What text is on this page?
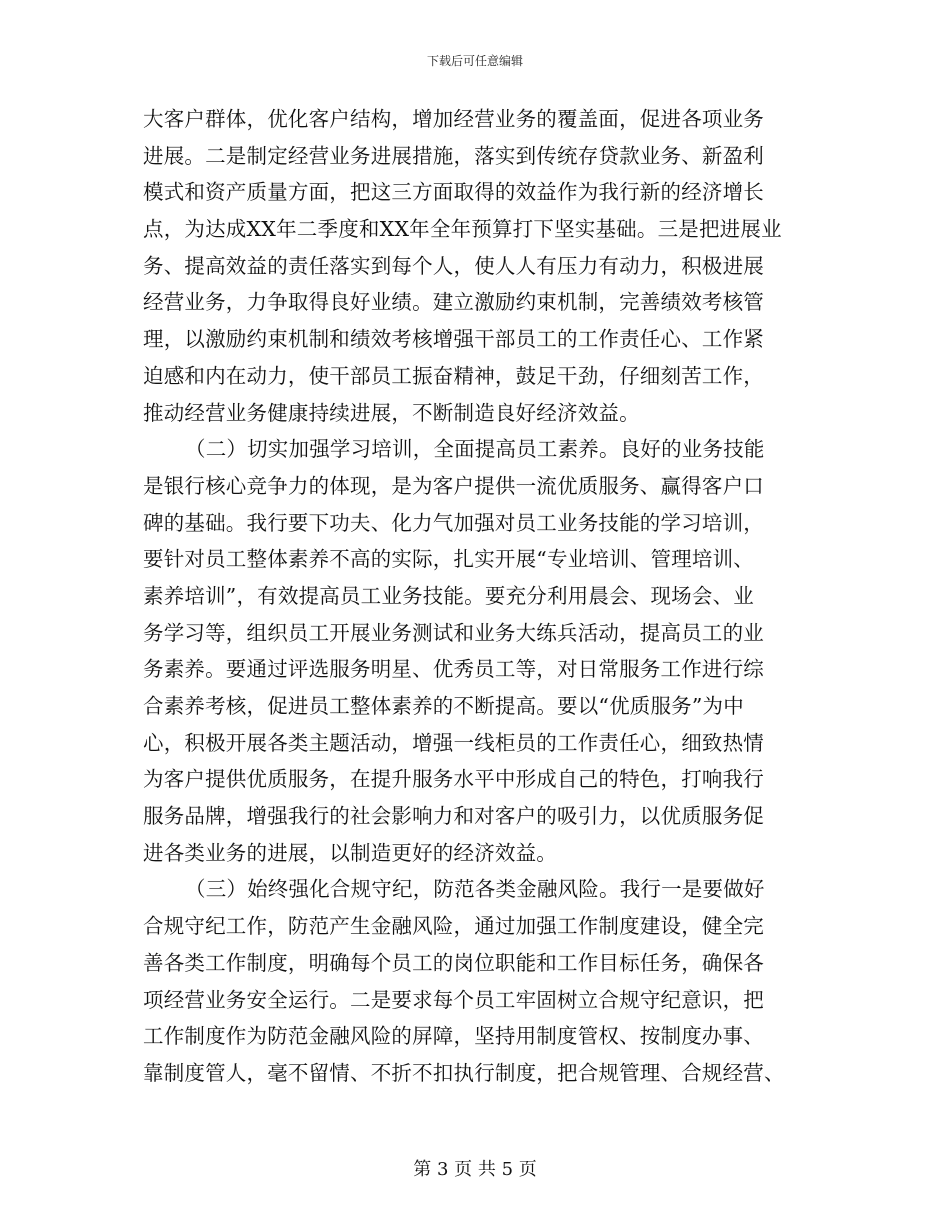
下载后可任意编辑
大客户群体，优化客户结构，增加经营业务的覆盖面，促进各项业务
进展。二是制定经营业务进展措施，落实到传统存贷款业务、新盈利
模式和资产质量方面，把这三方面取得的效益作为我行新的经济增长
点，为达成XX年二季度和XX年全年预算打下坚实基础。三是把进展业
务、提高效益的责任落实到每个人，使人人有压力有动力，积极进展
经营业务，力争取得良好业绩。建立激励约束机制，完善绩效考核管
理，以激励约束机制和绩效考核增强干部员工的工作责任心、工作紧
迫感和内在动力，使干部员工振奋精神，鼓足干劲，仔细刻苦工作，
推动经营业务健康持续进展，不断制造良好经济效益。
（二）切实加强学习培训，全面提高员工素养。良好的业务技能
是银行核心竞争力的体现，是为客户提供一流优质服务、赢得客户口
碑的基础。我行要下功夫、化力气加强对员工业务技能的学习培训，
要针对员工整体素养不高的实际，扎实开展“专业培训、管理培训、
素养培训”，有效提高员工业务技能。要充分利用晨会、现场会、业
务学习等，组织员工开展业务测试和业务大练兵活动，提高员工的业
务素养。要通过评选服务明星、优秀员工等，对日常服务工作进行综
合素养考核，促进员工整体素养的不断提高。要以“优质服务”为中
心，积极开展各类主题活动，增强一线柜员的工作责任心，细致热情
为客户提供优质服务，在提升服务水平中形成自己的特色，打响我行
服务品牌，增强我行的社会影响力和对客户的吸引力，以优质服务促
进各类业务的进展，以制造更好的经济效益。
（三）始终强化合规守纪，防范各类金融风险。我行一是要做好
合规守纪工作，防范产生金融风险，通过加强工作制度建设，健全完
善各类工作制度，明确每个员工的岗位职能和工作目标任务，确保各
项经营业务安全运行。二是要求每个员工牢固树立合规守纪意识，把
工作制度作为防范金融风险的屏障，坚持用制度管权、按制度办事、
靠制度管人，毫不留情、不折不扣执行制度，把合规管理、合规经营、
第 3 页 共 5 页
